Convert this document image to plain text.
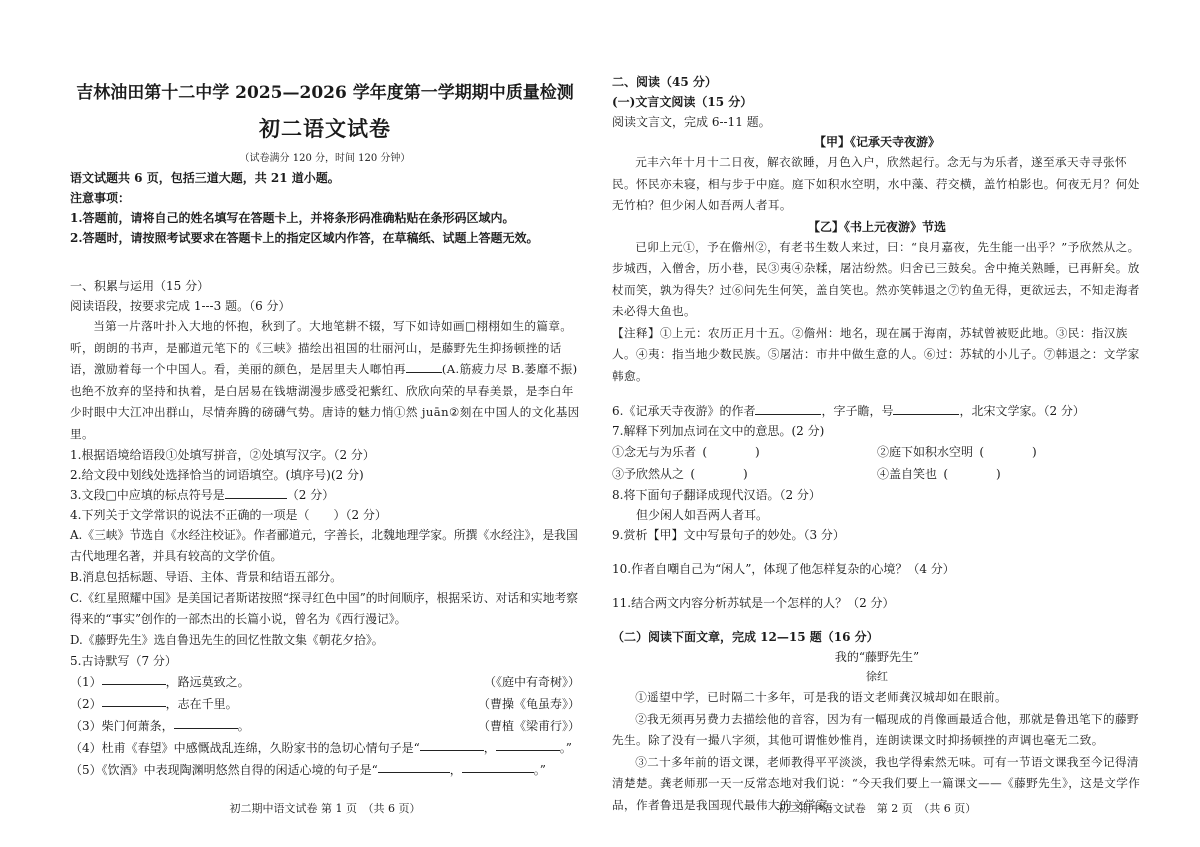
吉林油田第十二中学 2025—2026 学年度第一学期期中质量检测

初二语文试卷

（试卷满分 120 分，时间 120 分钟）

语文试题共 6 页，包括三道大题，共 21 道小题。

注意事项：

1.答题前，请将自己的姓名填写在答题卡上，并将条形码准确粘贴在条形码区域内。

2.答题时，请按照考试要求在答题卡上的指定区域内作答，在草稿纸、试题上答题无效。

一、积累与运用（15 分）

阅读语段，按要求完成 1---3 题。（6 分）

当第一片落叶扑入大地的怀抱，秋到了。大地笔耕不辍，写下如诗如画□栩栩如生的篇章。听，朗朗的书声，是郦道元笔下的《三峡》描绘出祖国的壮丽河山，是藤野先生抑扬顿挫的话语，激励着每一个中国人。看，美丽的颜色，是居里夫人啷怕再	(A.筋疲力尽 B.萎靡不振)也绝不放弃的坚持和执着，是白居易在钱塘湖漫步感受祀紫红、欣欣向荣的早春美景，是李白年少时眼中大江冲出群山，尽情奔腾的磅礴气势。唐诗的魅力悄①然 juān②刻在中国人的文化基因里。

1.根据语境给语段①处填写拼音，②处填写汉字。（2 分）

2.给文段中划线处选择恰当的词语填空。(填序号)(2 分)

3.文段□中应填的标点符号是	（2 分）

4.下列关于文学常识的说法不正确的一项是（　　）（2 分）

A.《三峡》节选自《水经注校证》。作者郦道元，字善长，北魏地理学家。所撰《水经注》，是我国古代地理名著，并具有较高的文学价值。

B.消息包括标题、导语、主体、背景和结语五部分。

C.《红星照耀中国》是美国记者斯诺按照“探寻红色中国”的时间顺序，根据采访、对话和实地考察得来的“事实”创作的一部杰出的长篇小说，曾名为《西行漫记》。

D.《藤野先生》选自鲁迅先生的回忆性散文集《朝花夕拾》。

5.古诗默写（7 分）

（1）	，路远莫致之。	（《庭中有奇树》）
（2）	，志在千里。	（曹操《龟虽寿》）
（3）柴门何萧条，	。	（曹植《梁甫行》）
（4）杜甫《春望》中感慨战乱连绵，久盼家书的急切心情句子是“	，	。”
（5）《饮酒》中表现陶渊明悠然自得的闲适心境的句子是“	，	。”

初二期中语文试卷 第 1 页　（共 6 页）

二、阅读（45 分）

(一)文言文阅读（15 分）

阅读文言文，完成 6--11 题。

【甲】《记承天寺夜游》

元丰六年十月十二日夜，解衣欲睡，月色入户，欣然起行。念无与为乐者，遂至承天寺寻张怀民。怀民亦未寝，相与步于中庭。庭下如积水空明，水中藻、荇交横，盖竹柏影也。何夜无月？何处无竹柏？但少闲人如吾两人者耳。

【乙】《书上元夜游》节选

已卯上元①，予在儋州②，有老书生数人来过，曰：“良月嘉夜，先生能一出乎？”予欣然从之。步城西，入僧舍，历小巷，民③夷④杂糅，屠沽纷然。归舍已三鼓矣。舍中掩关熟睡，已再鼾矣。放杖而笑，孰为得失？过⑥问先生何笑，盖自笑也。然亦笑韩退之⑦钓鱼无得，更欲远去，不知走海者未必得大鱼也。

【注释】①上元：农历正月十五。②儋州：地名，现在属于海南，苏轼曾被贬此地。③民：指汉族人。④夷：指当地少数民族。⑤屠沽：市井中做生意的人。⑥过：苏轼的小儿子。⑦韩退之：文学家韩愈。

6.《记承天寺夜游》的作者	，字子瞻，号	，北宋文学家。（2 分）

7.解释下列加点词在文中的意思。(2 分)

①念无与为乐者 (　　　　)	②庭下如积水空明 (　　　　)
③予欣然从之 (　　　　)	④盖自笑也 (　　　　)

8.将下面句子翻译成现代汉语。（2 分）

但少闲人如吾两人者耳。

9.赏析【甲】文中写景句子的妙处。（3 分）

10.作者自嘲自己为“闲人”，体现了他怎样复杂的心境？（4 分）

11.结合两文内容分析苏轼是一个怎样的人？（2 分）

（二）阅读下面文章，完成 12—15 题（16 分）

我的“藤野先生”

徐红

①遥望中学，已时隔二十多年，可是我的语文老师龚汉城却如在眼前。

②我无须再另费力去描绘他的音容，因为有一幅现成的肖像画最适合他，那就是鲁迅笔下的藤野先生。除了没有一撮八字须，其他可谓惟妙惟肖，连朗读课文时抑扬顿挫的声调也毫无二致。

③二十多年前的语文课，老师教得平平淡淡，我也学得索然无味。可有一节语文课我至今记得清清楚楚。龚老师那一天一反常态地对我们说：“今天我们要上一篇课文——《藤野先生》，这是文学作品，作者鲁迅是我国现代最伟大的文学家。

初二期中语文试卷　第 2 页　（共 6 页）
